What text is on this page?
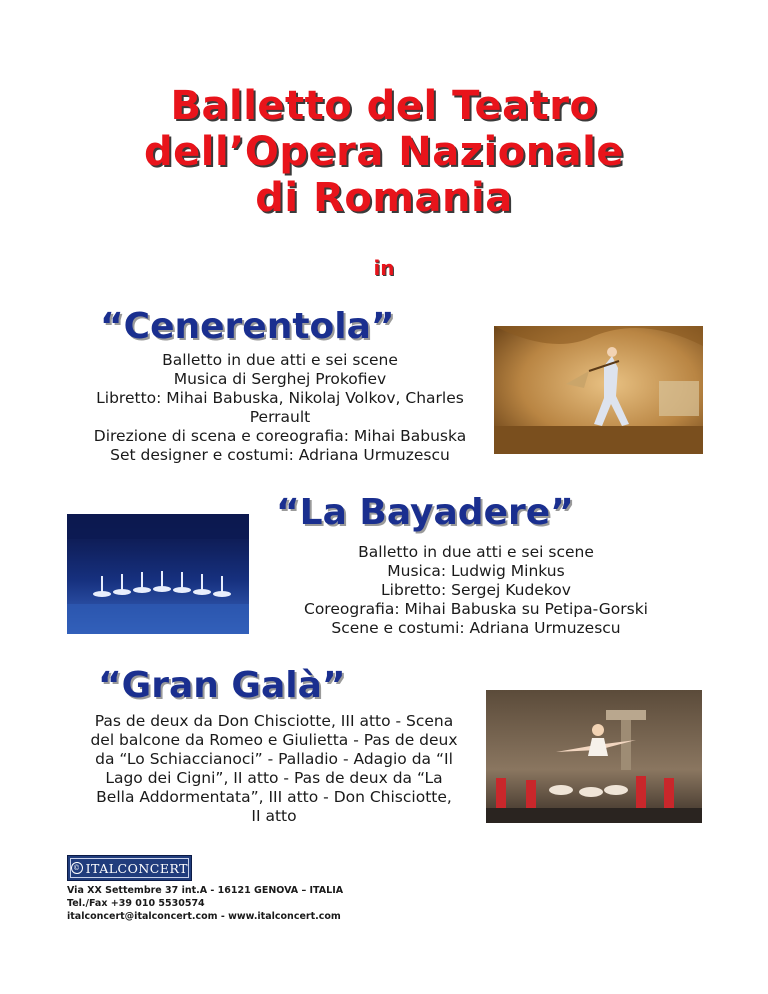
Balletto del Teatro
dell’Opera Nazionale
di Romania
in
“Cenerentola”
Balletto in due atti e sei scene
Musica di Serghej Prokofiev
Libretto: Mihai Babuska, Nikolaj Volkov, Charles
Perrault
Direzione di scena e coreografia: Mihai Babuska
Set designer e costumi: Adriana Urmuzescu
“La Bayadere”
Balletto in due atti e sei scene
Musica: Ludwig Minkus
Libretto: Sergej Kudekov
Coreografia: Mihai Babuska su Petipa-Gorski
Scene e costumi: Adriana Urmuzescu
“Gran Galà”
Pas de deux da Don Chisciotte, III atto - Scena
del balcone da Romeo e Giulietta - Pas de deux
da “Lo Schiaccianoci” - Palladio - Adagio da “Il
Lago dei Cigni”, II atto - Pas de deux da “La
Bella Addormentata”, III atto - Don Chisciotte,
II atto
© ITALCONCERT
Via XX Settembre 37 int.A - 16121 GENOVA – ITALIA
Tel./Fax +39 010 5530574
italconcert@italconcert.com - www.italconcert.com
